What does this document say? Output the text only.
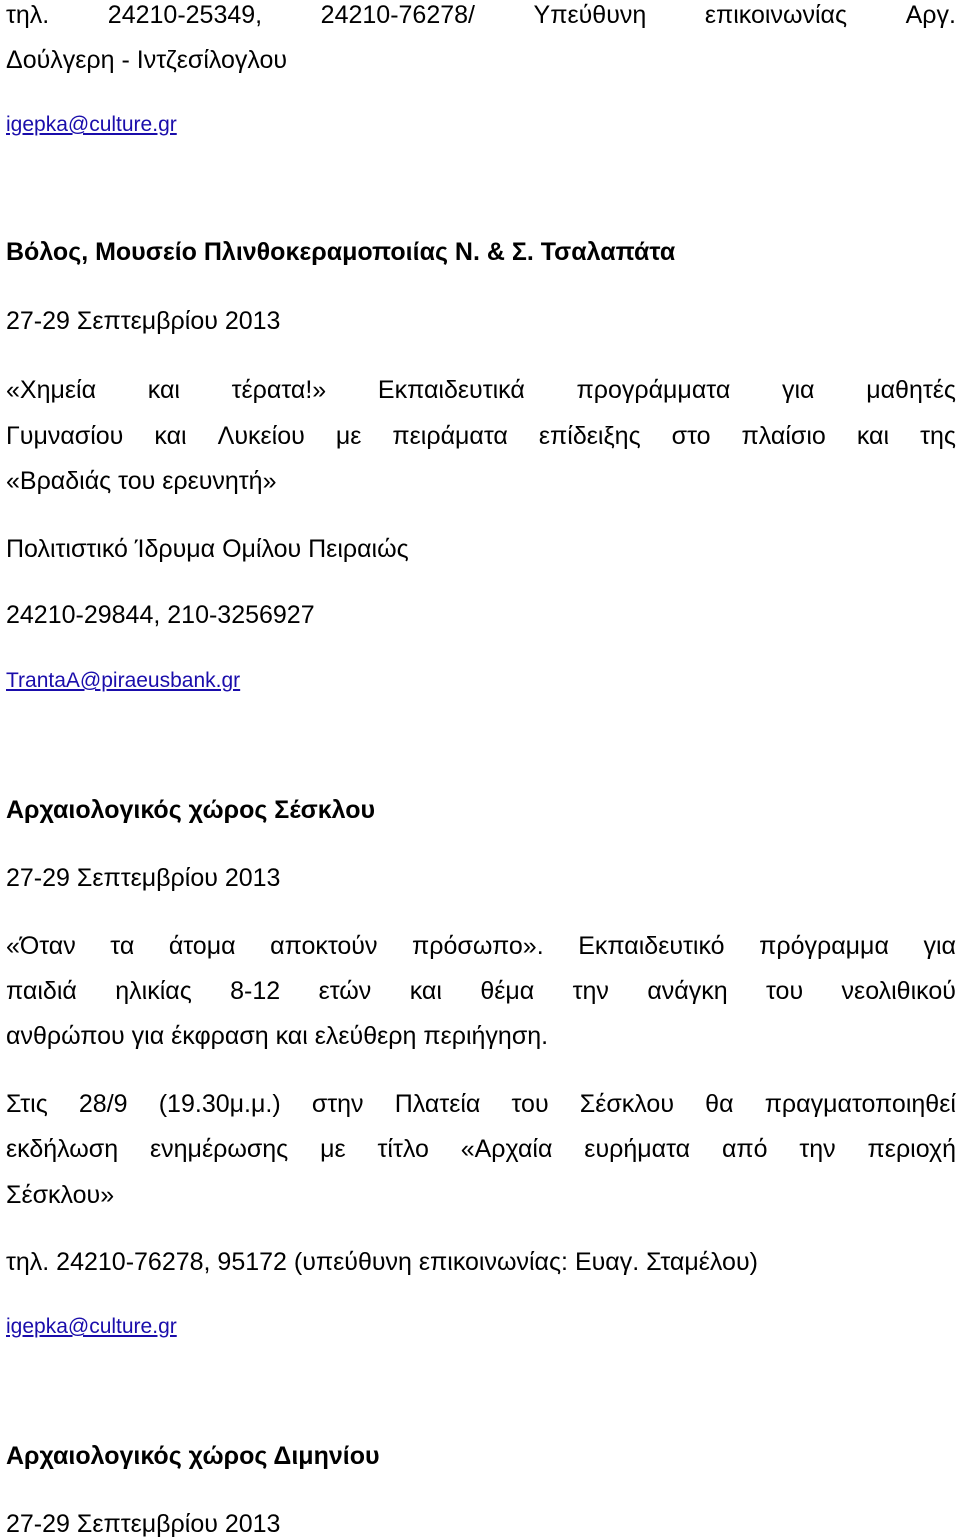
τηλ. 24210-25349, 24210-76278/ Υπεύθυνη επικοινωνίας Αργ.
Δούλγερη - Ιντζεσίλογλου
igepka@culture.gr
Βόλος, Μουσείο Πλινθοκεραμοποιίας Ν. & Σ. Τσαλαπάτα
27-29 Σεπτεμβρίου 2013
«Χημεία και τέρατα!» Εκπαιδευτικά προγράμματα για μαθητές
Γυμνασίου και Λυκείου με πειράματα επίδειξης στο πλαίσιο και της
«Βραδιάς του ερευνητή»
Πολιτιστικό Ίδρυμα Ομίλου Πειραιώς
24210-29844, 210-3256927
TrantaA@piraeusbank.gr
Αρχαιολογικός χώρος Σέσκλου
27-29 Σεπτεμβρίου 2013
«Όταν τα άτομα αποκτούν πρόσωπο». Εκπαιδευτικό πρόγραμμα για
παιδιά ηλικίας 8-12 ετών και θέμα την ανάγκη του νεολιθικού
ανθρώπου για έκφραση και ελεύθερη περιήγηση.
Στις 28/9 (19.30μ.μ.) στην Πλατεία του Σέσκλου θα πραγματοποιηθεί
εκδήλωση ενημέρωσης με τίτλο «Αρχαία ευρήματα από την περιοχή
Σέσκλου»
τηλ. 24210-76278, 95172 (υπεύθυνη επικοινωνίας: Ευαγ. Σταμέλου)
igepka@culture.gr
Αρχαιολογικός χώρος Διμηνίου
27-29 Σεπτεμβρίου 2013
